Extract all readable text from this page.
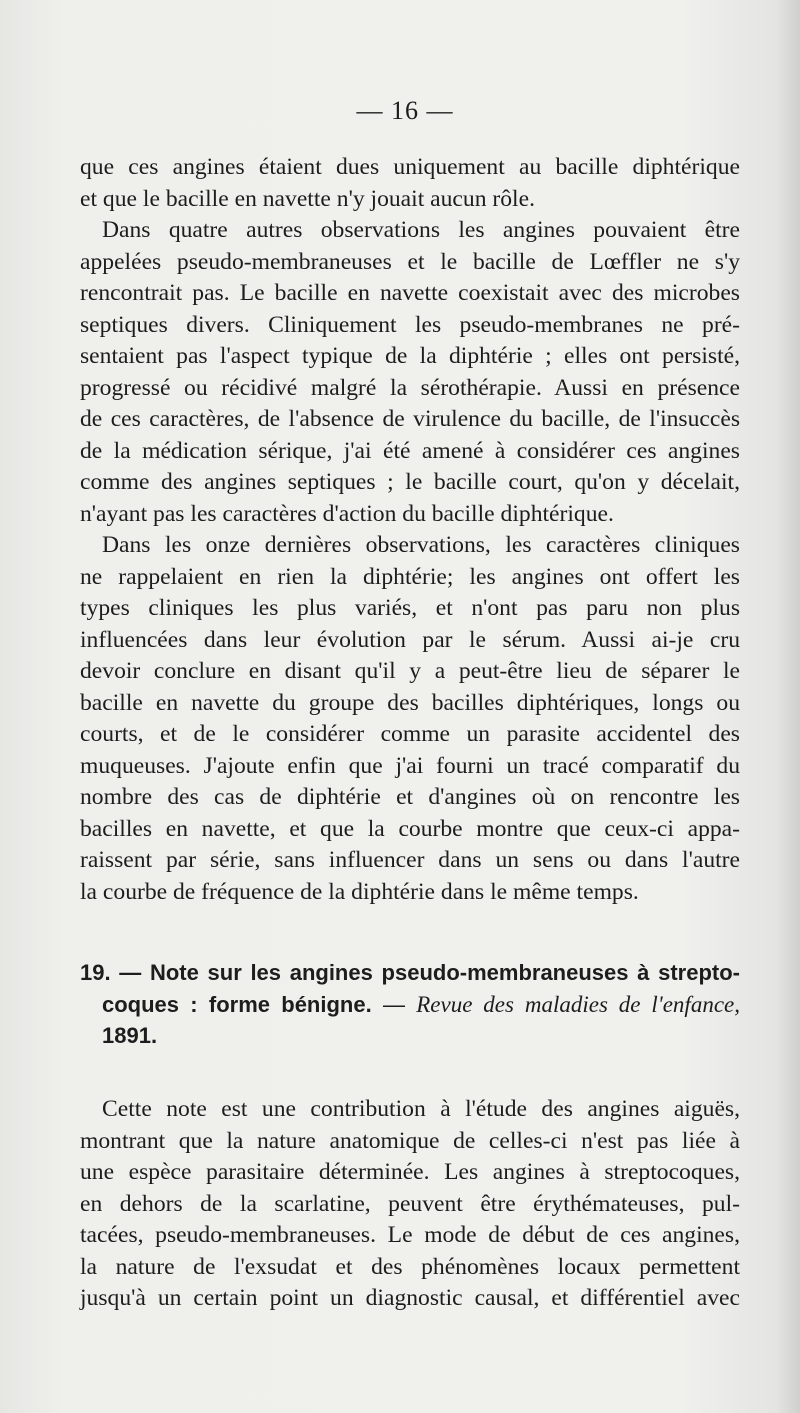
— 16 —
que ces angines étaient dues uniquement au bacille diphtérique
et que le bacille en navette n'y jouait aucun rôle.
Dans quatre autres observations les angines pouvaient être
appelées pseudo-membraneuses et le bacille de Lœffler ne s'y
rencontrait pas. Le bacille en navette coexistait avec des microbes
septiques divers. Cliniquement les pseudo-membranes ne pré-
sentaient pas l'aspect typique de la diphtérie ; elles ont persisté,
progressé ou récidivé malgré la sérothérapie. Aussi en présence
de ces caractères, de l'absence de virulence du bacille, de l'insuccès
de la médication sérique, j'ai été amené à considérer ces angines
comme des angines septiques ; le bacille court, qu'on y décelait,
n'ayant pas les caractères d'action du bacille diphtérique.
Dans les onze dernières observations, les caractères cliniques
ne rappelaient en rien la diphtérie; les angines ont offert les
types cliniques les plus variés, et n'ont pas paru non plus
influencées dans leur évolution par le sérum. Aussi ai-je cru
devoir conclure en disant qu'il y a peut-être lieu de séparer le
bacille en navette du groupe des bacilles diphtériques, longs ou
courts, et de le considérer comme un parasite accidentel des
muqueuses. J'ajoute enfin que j'ai fourni un tracé comparatif du
nombre des cas de diphtérie et d'angines où on rencontre les
bacilles en navette, et que la courbe montre que ceux-ci appa-
raissent par série, sans influencer dans un sens ou dans l'autre
la courbe de fréquence de la diphtérie dans le même temps.
19. — Note sur les angines pseudo-membraneuses à strepto-
coques : forme bénigne. — Revue des maladies de l'enfance,
1891.
Cette note est une contribution à l'étude des angines aiguës,
montrant que la nature anatomique de celles-ci n'est pas liée à
une espèce parasitaire déterminée. Les angines à streptocoques,
en dehors de la scarlatine, peuvent être érythémateuses, pul-
tacées, pseudo-membraneuses. Le mode de début de ces angines,
la nature de l'exsudat et des phénomènes locaux permettent
jusqu'à un certain point un diagnostic causal, et différentiel avec
